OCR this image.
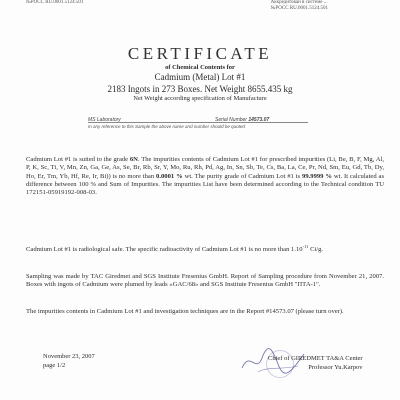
№РОСС RU.0001.5124.501	Аккредитован в системе ...
№РОСС RU.0001.5124.501
CERTIFICATE
of Chemical Contents for
Cadmium (Metal) Lot #1
2183 Ingots in 273 Boxes. Net Weight 8655.435 kg
Net Weight according specification of Manufacture
MS Laboratory	Serial Number 14573.07
In any reference to this Sample the above name and number should be quoted
Cadmium Lot #1 is suited to the grade 6N. The impurities contents of Cadmium Lot #1 for prescribed impurities (Li, Be, B, F, Mg, Al, P, K, Sc, Ti, V, Mn, Zn, Ga, Ge, As, Se, Br, Rb, Sr, Y, Mo, Ru, Rh, Pd, Ag, In, Sn, Sb, Te, Cs, Ba, La, Ce, Pr, Nd, Sm, Eu, Gd, Tb, Dy, Ho, Er, Tm, Yb, Hf, Re, Ir, Bi)) is no more than 0.0001 % wt. The purity grade of Cadmium Lot #1 is 99.9999 % wt. It calculated as difference between 100 % and Sum of Impurities. The impurities List have been determined according to the Technical condition TU 172151-05919192-008-03.
Cadmium Lot #1 is radiological safe. The specific radioactivity of Cadmium Lot #1 is no more than $1.10^{-11}$ Ci/g.
Sampling was made by TAC Giredmet and SGS Institute Fresenius GmbH. Report of Sampling procedure from November 21, 2007. Boxes with ingots of Cadmium were plumed by leads «GAC/68» and SGS Institute Fresenius GmbH "ПТА-1".
The impurities contents in Cadmium Lot #1 and investigation techniques are in the Report #14573.07 (please turn over).
November 23, 2007
page 1/2
Chief of GIREDMET TA&A Center
Professor Yu.Karpov
